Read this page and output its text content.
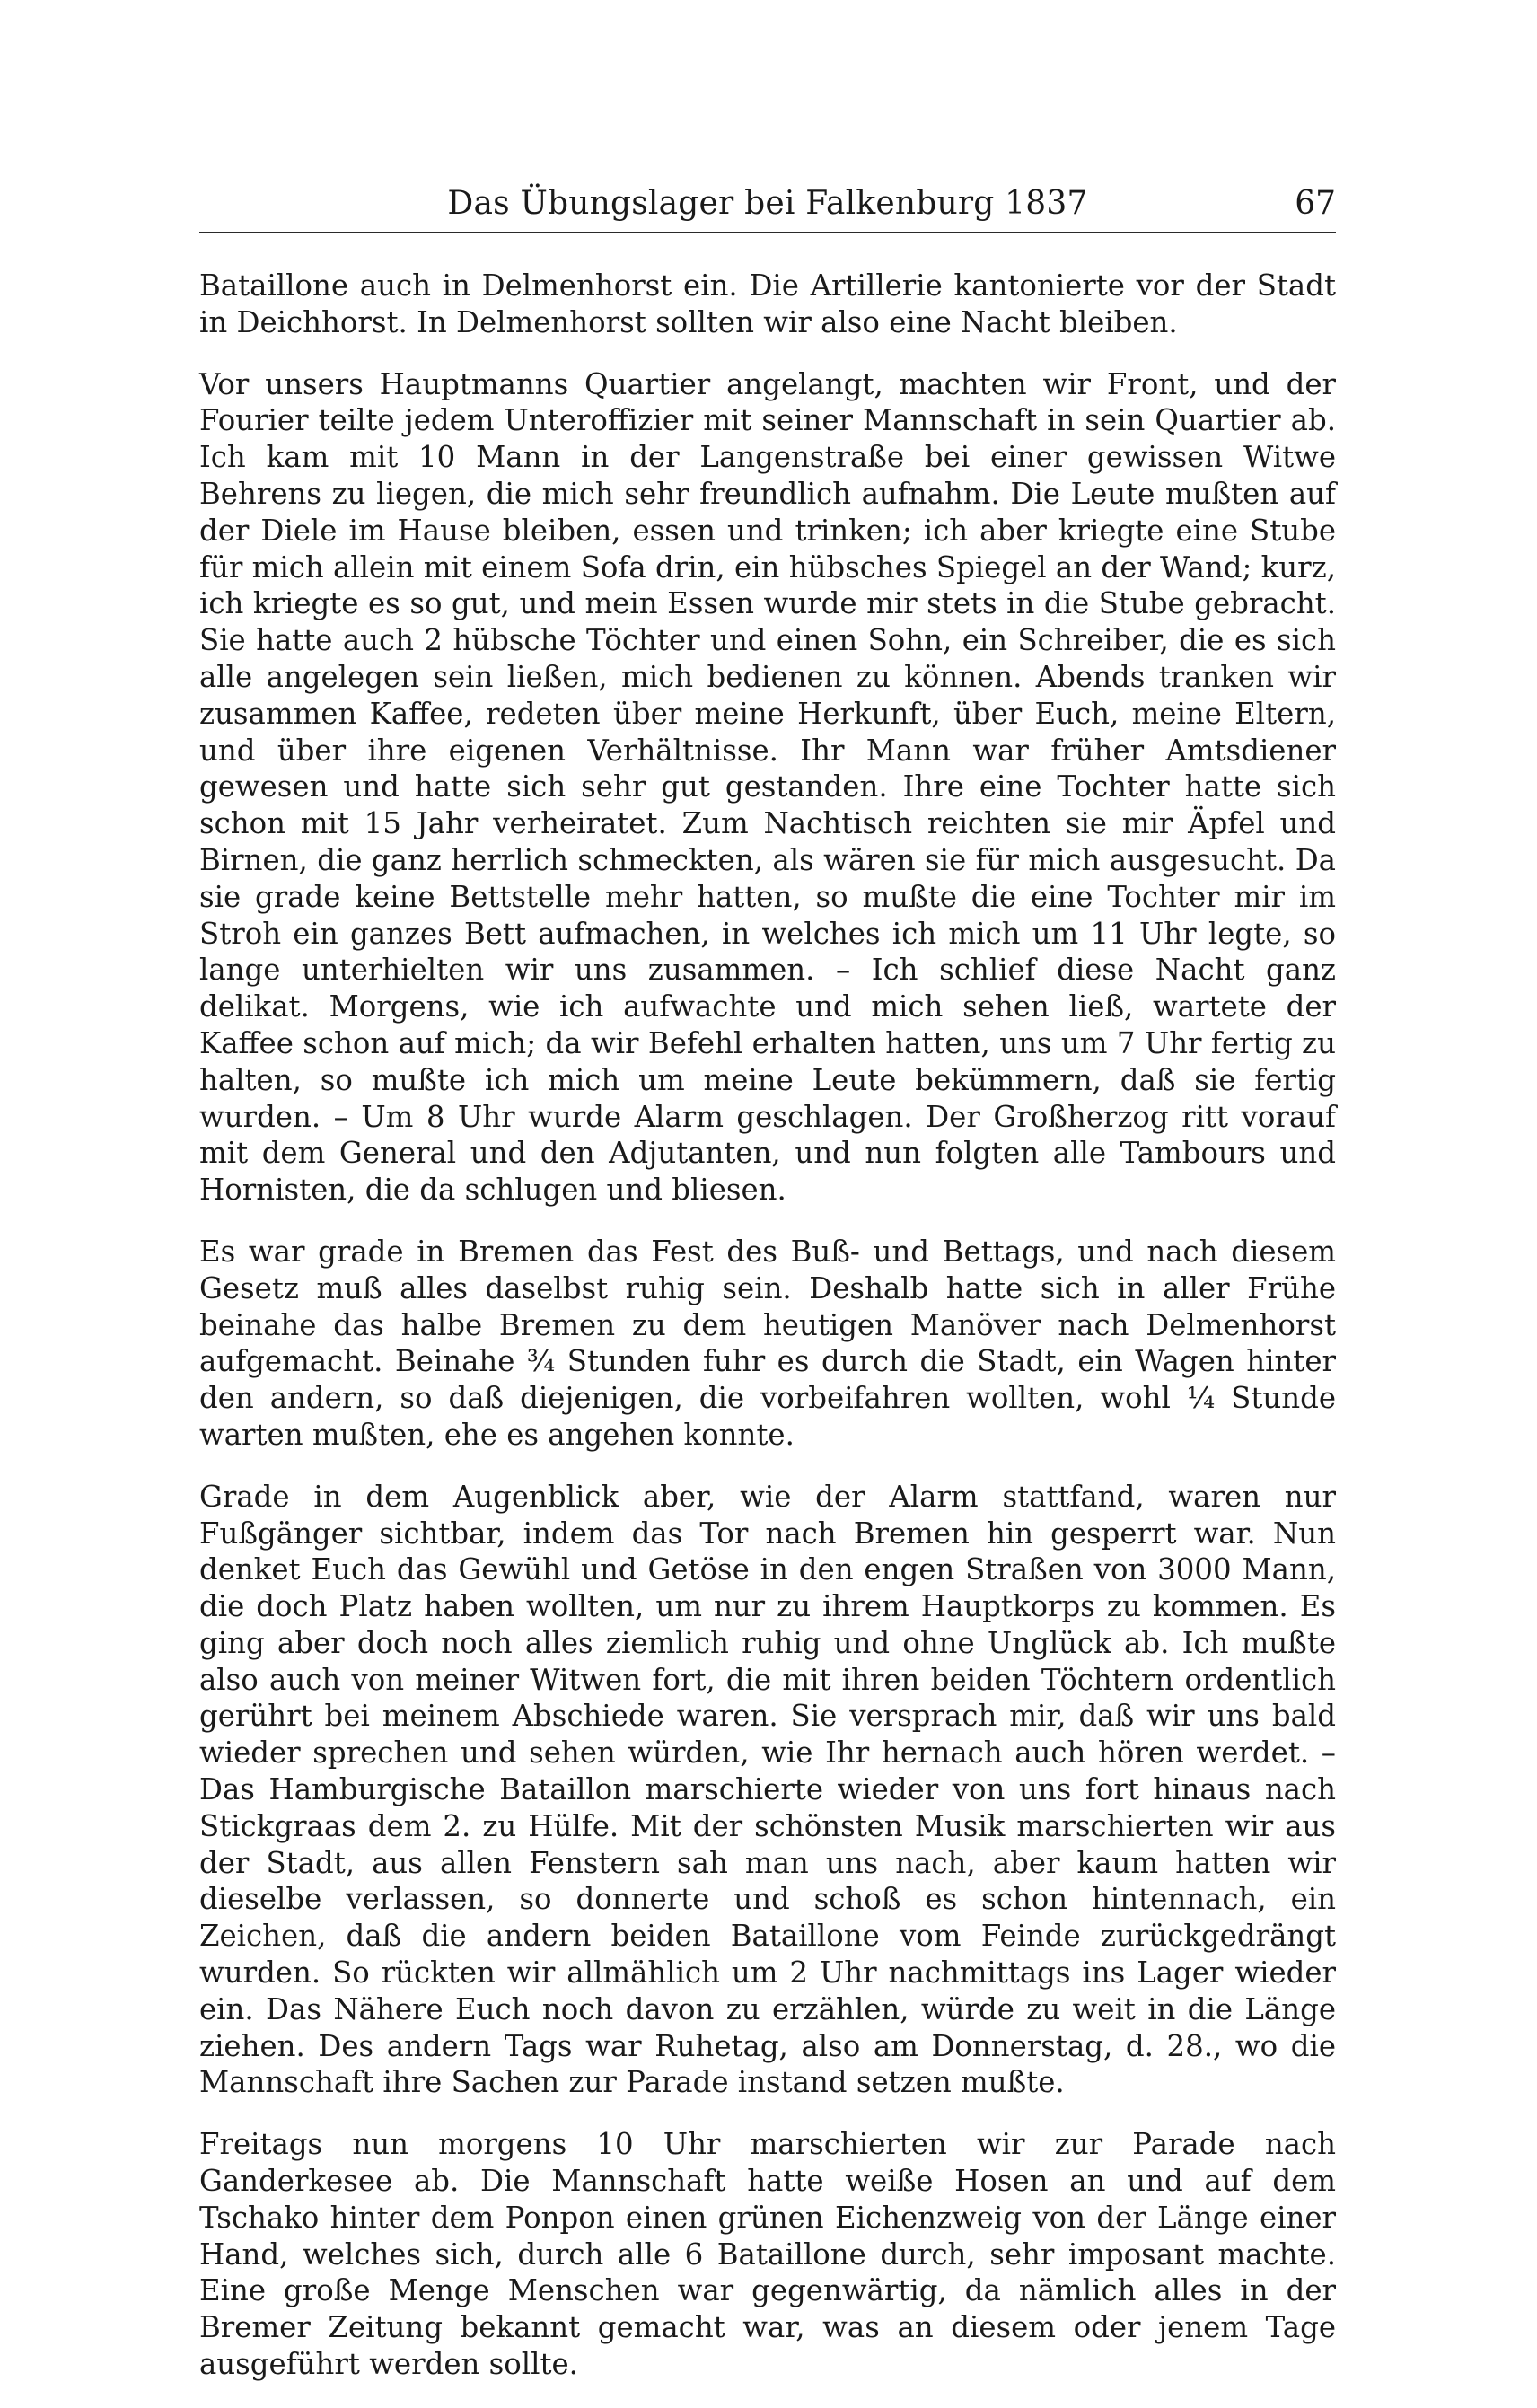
Das Übungslager bei Falkenburg 1837	67

Bataillone auch in Delmenhorst ein. Die Artillerie kantonierte vor der Stadt in Deichhorst. In Delmenhorst sollten wir also eine Nacht bleiben.

Vor unsers Hauptmanns Quartier angelangt, machten wir Front, und der Fourier teilte jedem Unteroffizier mit seiner Mannschaft in sein Quartier ab. Ich kam mit 10 Mann in der Langenstraße bei einer gewissen Witwe Behrens zu liegen, die mich sehr freundlich aufnahm. Die Leute mußten auf der Diele im Hause bleiben, essen und trinken; ich aber kriegte eine Stube für mich allein mit einem Sofa drin, ein hübsches Spiegel an der Wand; kurz, ich kriegte es so gut, und mein Essen wurde mir stets in die Stube gebracht. Sie hatte auch 2 hübsche Töchter und einen Sohn, ein Schreiber, die es sich alle angelegen sein ließen, mich bedienen zu können. Abends tranken wir zusammen Kaffee, redeten über meine Herkunft, über Euch, meine Eltern, und über ihre eigenen Verhältnisse. Ihr Mann war früher Amtsdiener gewesen und hatte sich sehr gut gestanden. Ihre eine Tochter hatte sich schon mit 15 Jahr verheiratet. Zum Nachtisch reichten sie mir Äpfel und Birnen, die ganz herrlich schmeckten, als wären sie für mich ausgesucht. Da sie grade keine Bettstelle mehr hatten, so mußte die eine Tochter mir im Stroh ein ganzes Bett aufmachen, in welches ich mich um 11 Uhr legte, so lange unterhielten wir uns zusammen. – Ich schlief diese Nacht ganz delikat. Morgens, wie ich aufwachte und mich sehen ließ, wartete der Kaffee schon auf mich; da wir Befehl erhalten hatten, uns um 7 Uhr fertig zu halten, so mußte ich mich um meine Leute bekümmern, daß sie fertig wurden. – Um 8 Uhr wurde Alarm geschlagen. Der Großherzog ritt vorauf mit dem General und den Adjutanten, und nun folgten alle Tambours und Hornisten, die da schlugen und bliesen.

Es war grade in Bremen das Fest des Buß- und Bettags, und nach diesem Gesetz muß alles daselbst ruhig sein. Deshalb hatte sich in aller Frühe beinahe das halbe Bremen zu dem heutigen Manöver nach Delmenhorst aufgemacht. Beinahe ¾ Stunden fuhr es durch die Stadt, ein Wagen hinter den andern, so daß diejenigen, die vorbeifahren wollten, wohl ¼ Stunde warten mußten, ehe es angehen konnte.

Grade in dem Augenblick aber, wie der Alarm stattfand, waren nur Fußgänger sichtbar, indem das Tor nach Bremen hin gesperrt war. Nun denket Euch das Gewühl und Getöse in den engen Straßen von 3000 Mann, die doch Platz haben wollten, um nur zu ihrem Hauptkorps zu kommen. Es ging aber doch noch alles ziemlich ruhig und ohne Unglück ab. Ich mußte also auch von meiner Witwen fort, die mit ihren beiden Töchtern ordentlich gerührt bei meinem Abschiede waren. Sie versprach mir, daß wir uns bald wieder sprechen und sehen würden, wie Ihr hernach auch hören werdet. – Das Hamburgische Bataillon marschierte wieder von uns fort hinaus nach Stickgraas dem 2. zu Hülfe. Mit der schönsten Musik marschierten wir aus der Stadt, aus allen Fenstern sah man uns nach, aber kaum hatten wir dieselbe verlassen, so donnerte und schoß es schon hintennach, ein Zeichen, daß die andern beiden Bataillone vom Feinde zurückgedrängt wurden. So rückten wir allmählich um 2 Uhr nachmittags ins Lager wieder ein. Das Nähere Euch noch davon zu erzählen, würde zu weit in die Länge ziehen. Des andern Tags war Ruhetag, also am Donnerstag, d. 28., wo die Mannschaft ihre Sachen zur Parade instand setzen mußte.

Freitags nun morgens 10 Uhr marschierten wir zur Parade nach Ganderkesee ab. Die Mannschaft hatte weiße Hosen an und auf dem Tschako hinter dem Ponpon einen grünen Eichenzweig von der Länge einer Hand, welches sich, durch alle 6 Bataillone durch, sehr imposant machte. Eine große Menge Menschen war gegenwärtig, da nämlich alles in der Bremer Zeitung bekannt gemacht war, was an diesem oder jenem Tage ausgeführt werden sollte.
